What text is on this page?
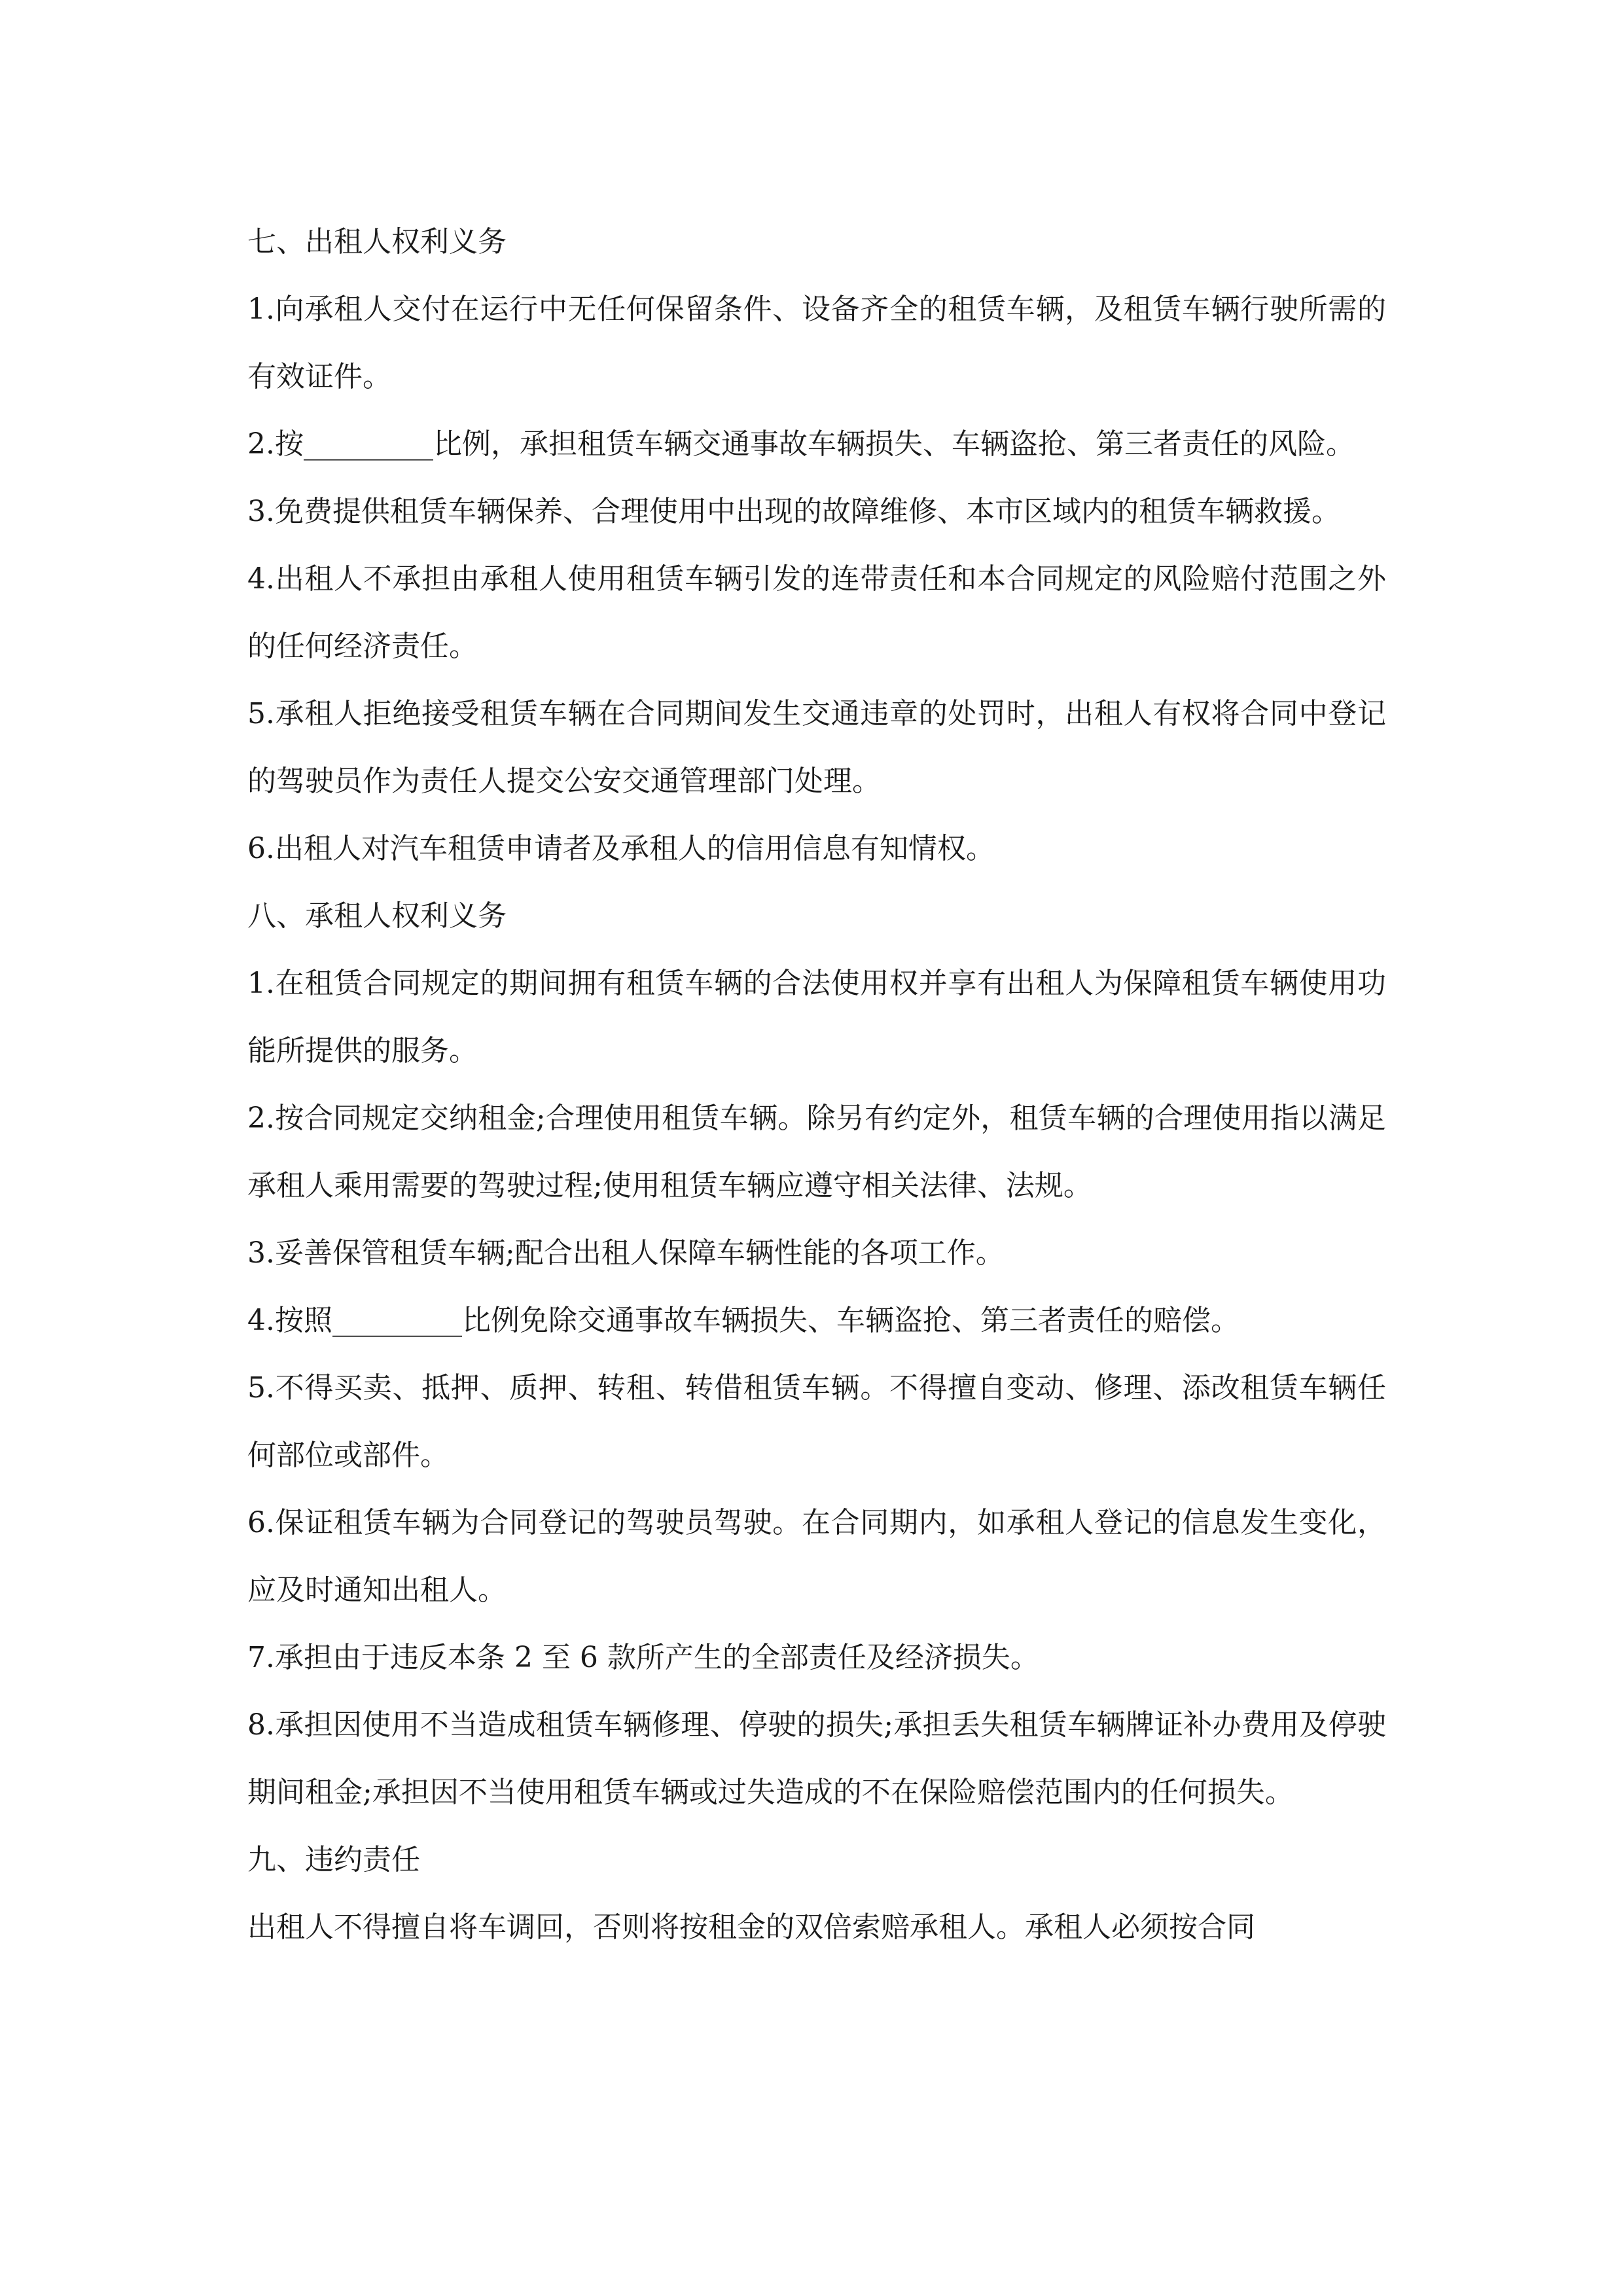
七、出租人权利义务

1.向承租人交付在运行中无任何保留条件、设备齐全的租赁车辆，及租赁车辆行驶所需的有效证件。

2.按_________比例，承担租赁车辆交通事故车辆损失、车辆盗抢、第三者责任的风险。

3.免费提供租赁车辆保养、合理使用中出现的故障维修、本市区域内的租赁车辆救援。

4.出租人不承担由承租人使用租赁车辆引发的连带责任和本合同规定的风险赔付范围之外的任何经济责任。

5.承租人拒绝接受租赁车辆在合同期间发生交通违章的处罚时，出租人有权将合同中登记的驾驶员作为责任人提交公安交通管理部门处理。

6.出租人对汽车租赁申请者及承租人的信用信息有知情权。

八、承租人权利义务

1.在租赁合同规定的期间拥有租赁车辆的合法使用权并享有出租人为保障租赁车辆使用功能所提供的服务。

2.按合同规定交纳租金;合理使用租赁车辆。除另有约定外，租赁车辆的合理使用指以满足承租人乘用需要的驾驶过程;使用租赁车辆应遵守相关法律、法规。

3.妥善保管租赁车辆;配合出租人保障车辆性能的各项工作。

4.按照_________比例免除交通事故车辆损失、车辆盗抢、第三者责任的赔偿。

5.不得买卖、抵押、质押、转租、转借租赁车辆。不得擅自变动、修理、添改租赁车辆任何部位或部件。

6.保证租赁车辆为合同登记的驾驶员驾驶。在合同期内，如承租人登记的信息发生变化，应及时通知出租人。

7.承担由于违反本条 2 至 6 款所产生的全部责任及经济损失。

8.承担因使用不当造成租赁车辆修理、停驶的损失;承担丢失租赁车辆牌证补办费用及停驶期间租金;承担因不当使用租赁车辆或过失造成的不在保险赔偿范围内的任何损失。

九、违约责任

出租人不得擅自将车调回，否则将按租金的双倍索赔承租人。承租人必须按合同
